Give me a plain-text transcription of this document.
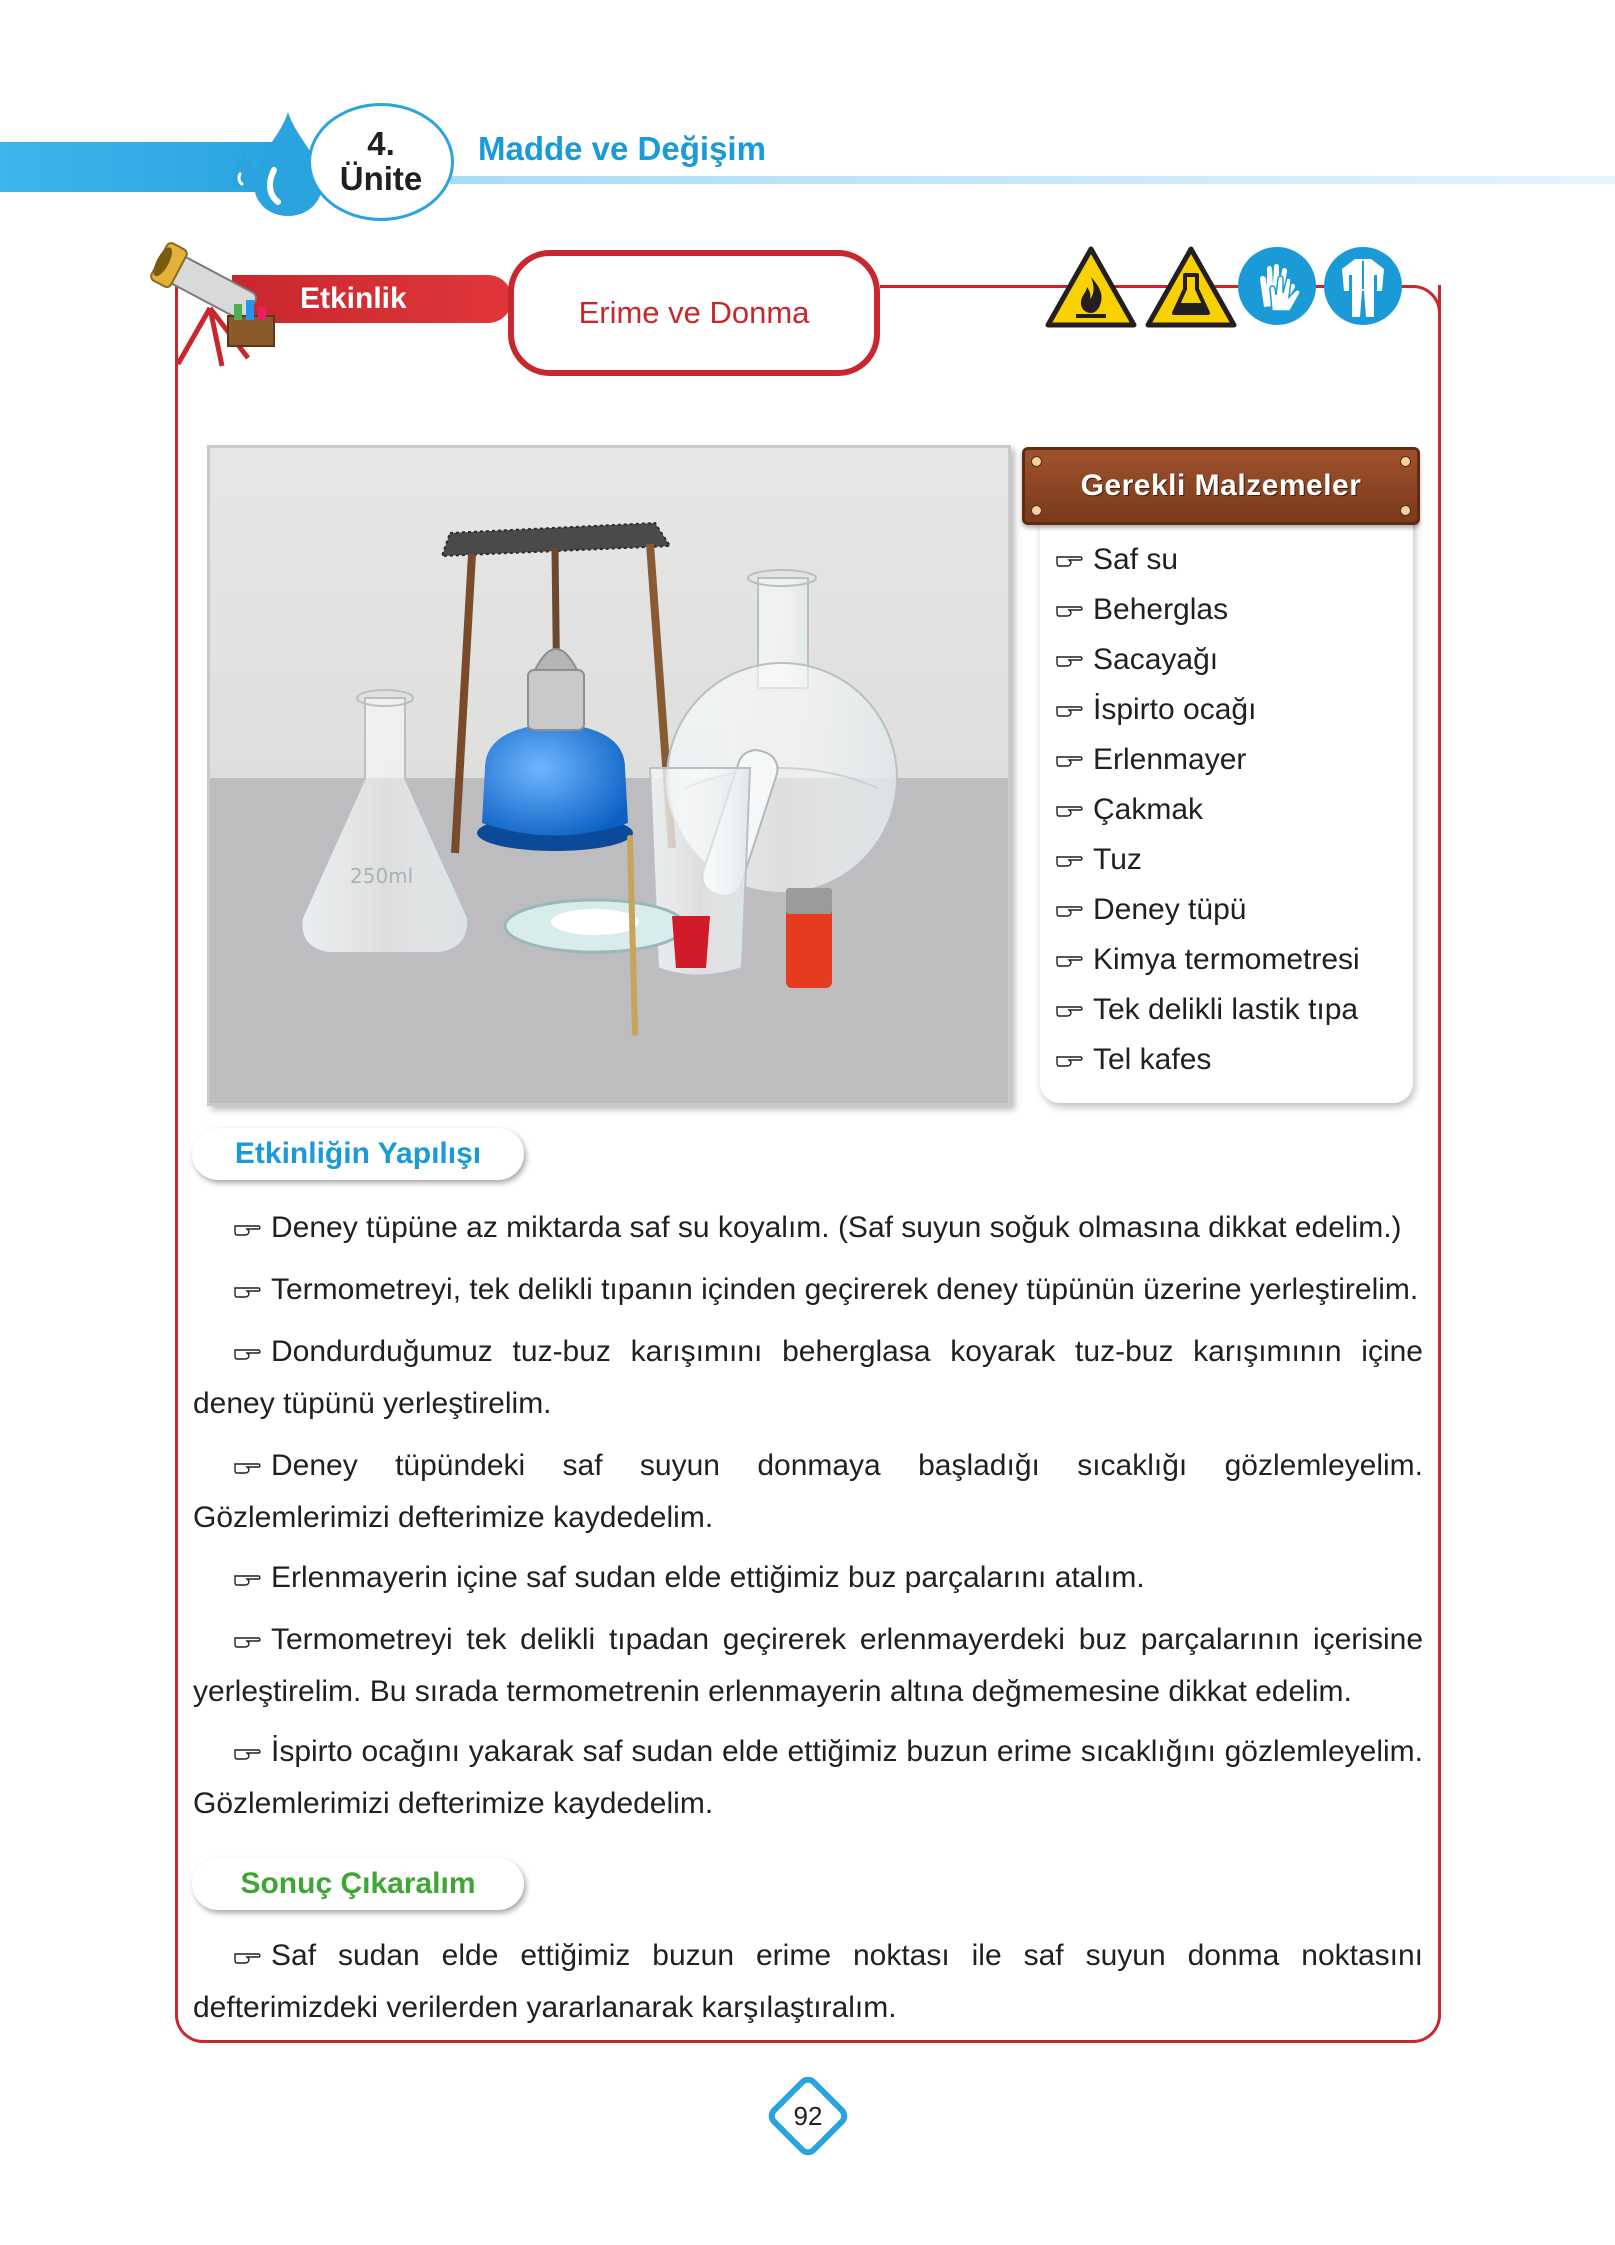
4.
Ünite
Madde ve Değişim
Etkinlik	Erime ve Donma
250ml
Gerekli Malzemeler
Saf su
Beherglas
Sacayağı
İspirto ocağı
Erlenmayer
Çakmak
Tuz
Deney tüpü
Kimya termometresi
Tek delikli lastik tıpa
Tel kafes
Etkinliğin Yapılışı
Deney tüpüne az miktarda saf su koyalım. (Saf suyun soğuk olmasına dikkat edelim.)
Termometreyi, tek delikli tıpanın içinden geçirerek deney tüpünün üzerine yerleştirelim.
Dondurduğumuz tuz-buz karışımını beherglasa koyarak tuz-buz karışımının içine deney tüpünü yerleştirelim.
Deney tüpündeki saf suyun donmaya başladığı sıcaklığı gözlemleyelim. Gözlemlerimizi defterimize kaydedelim.
Erlenmayerin içine saf sudan elde ettiğimiz buz parçalarını atalım.
Termometreyi tek delikli tıpadan geçirerek erlenmayerdeki buz parçalarının içerisine yerleştirelim. Bu sırada termometrenin erlenmayerin altına değmemesine dikkat edelim.
İspirto ocağını yakarak saf sudan elde ettiğimiz buzun erime sıcaklığını gözlemleyelim. Gözlemlerimizi defterimize kaydedelim.
Sonuç Çıkaralım
Saf sudan elde ettiğimiz buzun erime noktası ile saf suyun donma noktasını defterimizdeki verilerden yararlanarak karşılaştıralım.
92
